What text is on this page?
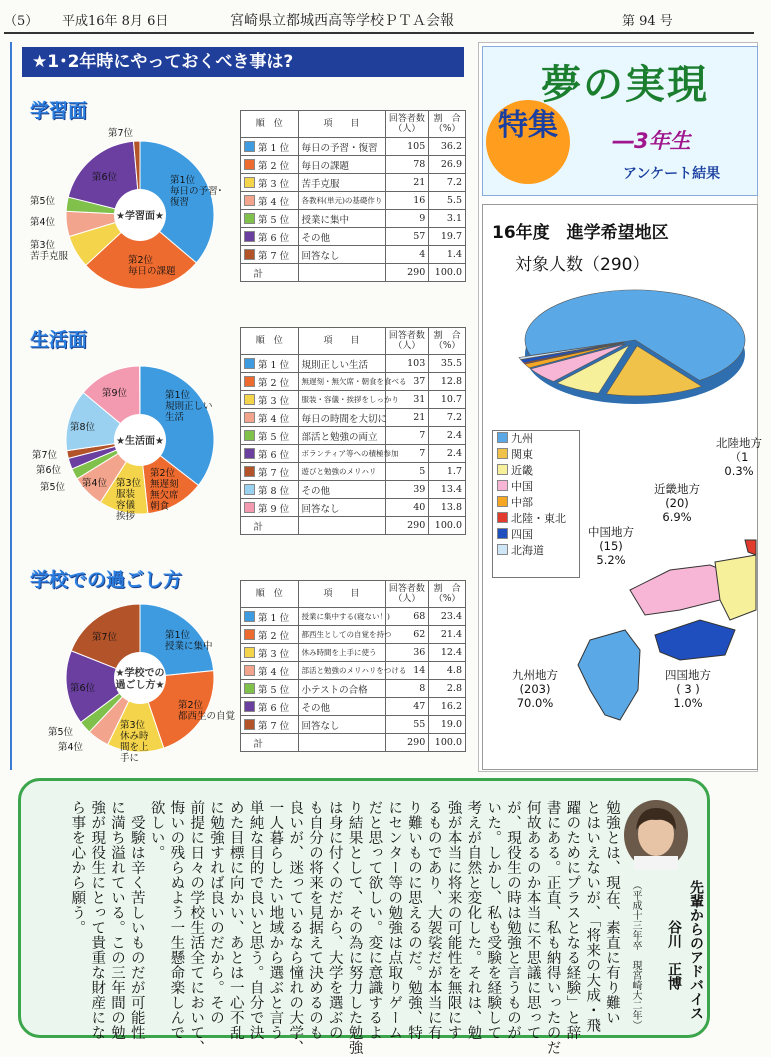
（5） 平成16年 8月 6日	宮崎県立都城西高等学校ＰＴＡ会報	第 94 号
★1･2年時にやっておくべき事は?
学習面
★学習面★
第1位
毎日の予習･
復習
第2位
毎日の課題
第3位
苦手克服
第4位
第5位
第6位
第7位
順　位	項　　目	回答者数
（人）	割　合
（%）
第 1 位	毎日の予習・復習	105	36.2
第 2 位	毎日の課題	78	26.9
第 3 位	苦手克服	21	7.2
第 4 位	各教科(単元)の基礎作り	16	5.5
第 5 位	授業に集中	9	3.1
第 6 位	その他	57	19.7
第 7 位	回答なし	4	1.4
　計		290	100.0
生活面
★生活面★
第1位
規則正しい
生活
第2位
無遅刻
無欠席
朝食
第3位
服装
容儀
挨拶
第4位
第5位
第6位
第7位
第8位
第9位
順　位	項　　目	回答者数
（人）	割　合
（%）
第 1 位	規則正しい生活	103	35.5
第 2 位	無遅刻・無欠席・朝食を食べる	37	12.8
第 3 位	服装・容儀・挨拶をしっかり	31	10.7
第 4 位	毎日の時間を大切に	21	7.2
第 5 位	部活と勉強の両立	7	2.4
第 6 位	ボランティア等への積極参加	7	2.4
第 7 位	遊びと勉強のメリハリ	5	1.7
第 8 位	その他	39	13.4
第 9 位	回答なし	40	13.8
　計		290	100.0
学校での過ごし方
★学校での過ごし方★
第1位
授業に集中
第2位
都西生の自覚
第3位
休み時
間を上
手に
第4位
第5位
第6位
第7位
順　位	項　　目	回答者数
（人）	割　合
（%）
第 1 位	授業に集中する(寝ない！)	68	23.4
第 2 位	都西生としての自覚を持つ	62	21.4
第 3 位	休み時間を上手に使う	36	12.4
第 4 位	部活と勉強のメリハリをつける	14	4.8
第 5 位	小テストの合格	8	2.8
第 6 位	その他	47	16.2
第 7 位	回答なし	55	19.0
　計		290	100.0
夢の実現
―3年生
アンケート結果
特集
16年度　進学希望地区
対象人数（290）
九州
関東
近畿
中国
中部
北陸・東北
四国
北海道
北陸地方
（1
0.3%
近畿地方
(20)
6.9%
中国地方
(15)
5.2%
九州地方
(203)
70.0%
四国地方
( 3 )
1.0%
先輩からのアドバイス
谷川　正博
（平成十三年卒　現宮崎大二年）
勉強とは、現在、素直に有り難い
とはいえないが、「将来の大成・飛
躍のためにプラスとなる経験」と辞
書にある。正直、私も納得いったのだ
何故あるのか本当に不思議に思って
が、現役生の時は勉強と言うものが
いた。しかし、私も受験を経験して
考えが自然と変化した。それは、勉
強が本当に将来の可能性を無限にす
るものであり、大袈裟だが本当に有
り難いものに思えるのだ。勉強、特
にセンター等の勉強は点取りゲーム
だと思って欲しい。変に意識するよ
り結果として、その為に努力した勉強
は身に付くのだから、大学を選ぶの
も自分の将来を見据えて決めるのも
良いが、迷っているなら憧れの大学、
一人暮らしたい地域から選ぶと言う
単純な目的で良いと思う。自分で決
めた目標に向かい、あとは一心不乱
に勉強すれば良いのだから。その
前提に日々の学校生活全てにおいて、
悔いの残らぬよう一生懸命楽しんで
欲しい。
　受験は辛く苦しいものだが可能性
に満ち溢れている。この三年間の勉
強が現役生にとって貴重な財産にな
ら事を心から願う。
